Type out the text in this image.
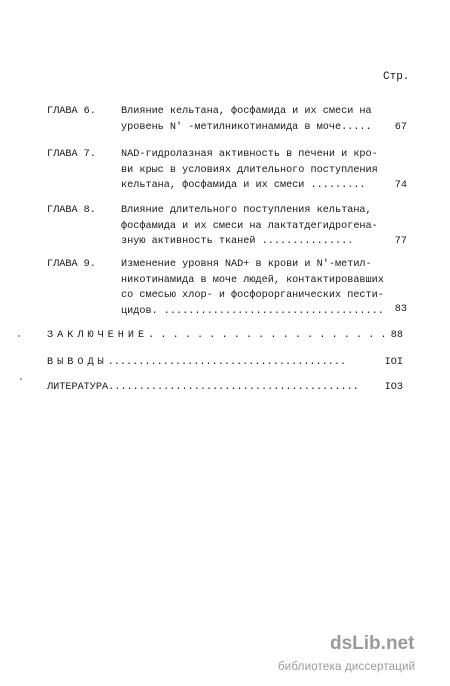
Стр.
ГЛАВА 6. Влияние кельтана, фосфамида и их смеси на
уровень N′ -метилникотинамида в моче.....	67
ГЛАВА 7. NAD-гидролазная активность в печени и кро-
ви крыс в условиях длительного поступления
кельтана, фосфамида и их смеси .........	74
ГЛАВА 8. Влияние длительного поступления кельтана,
фосфамида и их смеси на лактатдегидрогена-
зную активность тканей ...............	77
ГЛАВА 9. Изменение уровня NAD+ в крови и N′-метил-
никотинамида в моче людей, контактировавших
со смесью хлор- и фосфорорганических пести-
цидов. .................................... 83
ЗАКЛЮЧЕНИЕ. . . . . . . . . . . . . . . . . . . . 88
ВЫВОДЫ.......................................	IOI
ЛИТЕРАТУРА.........................................	IO3
dsLib.net
библиотека диссертаций
